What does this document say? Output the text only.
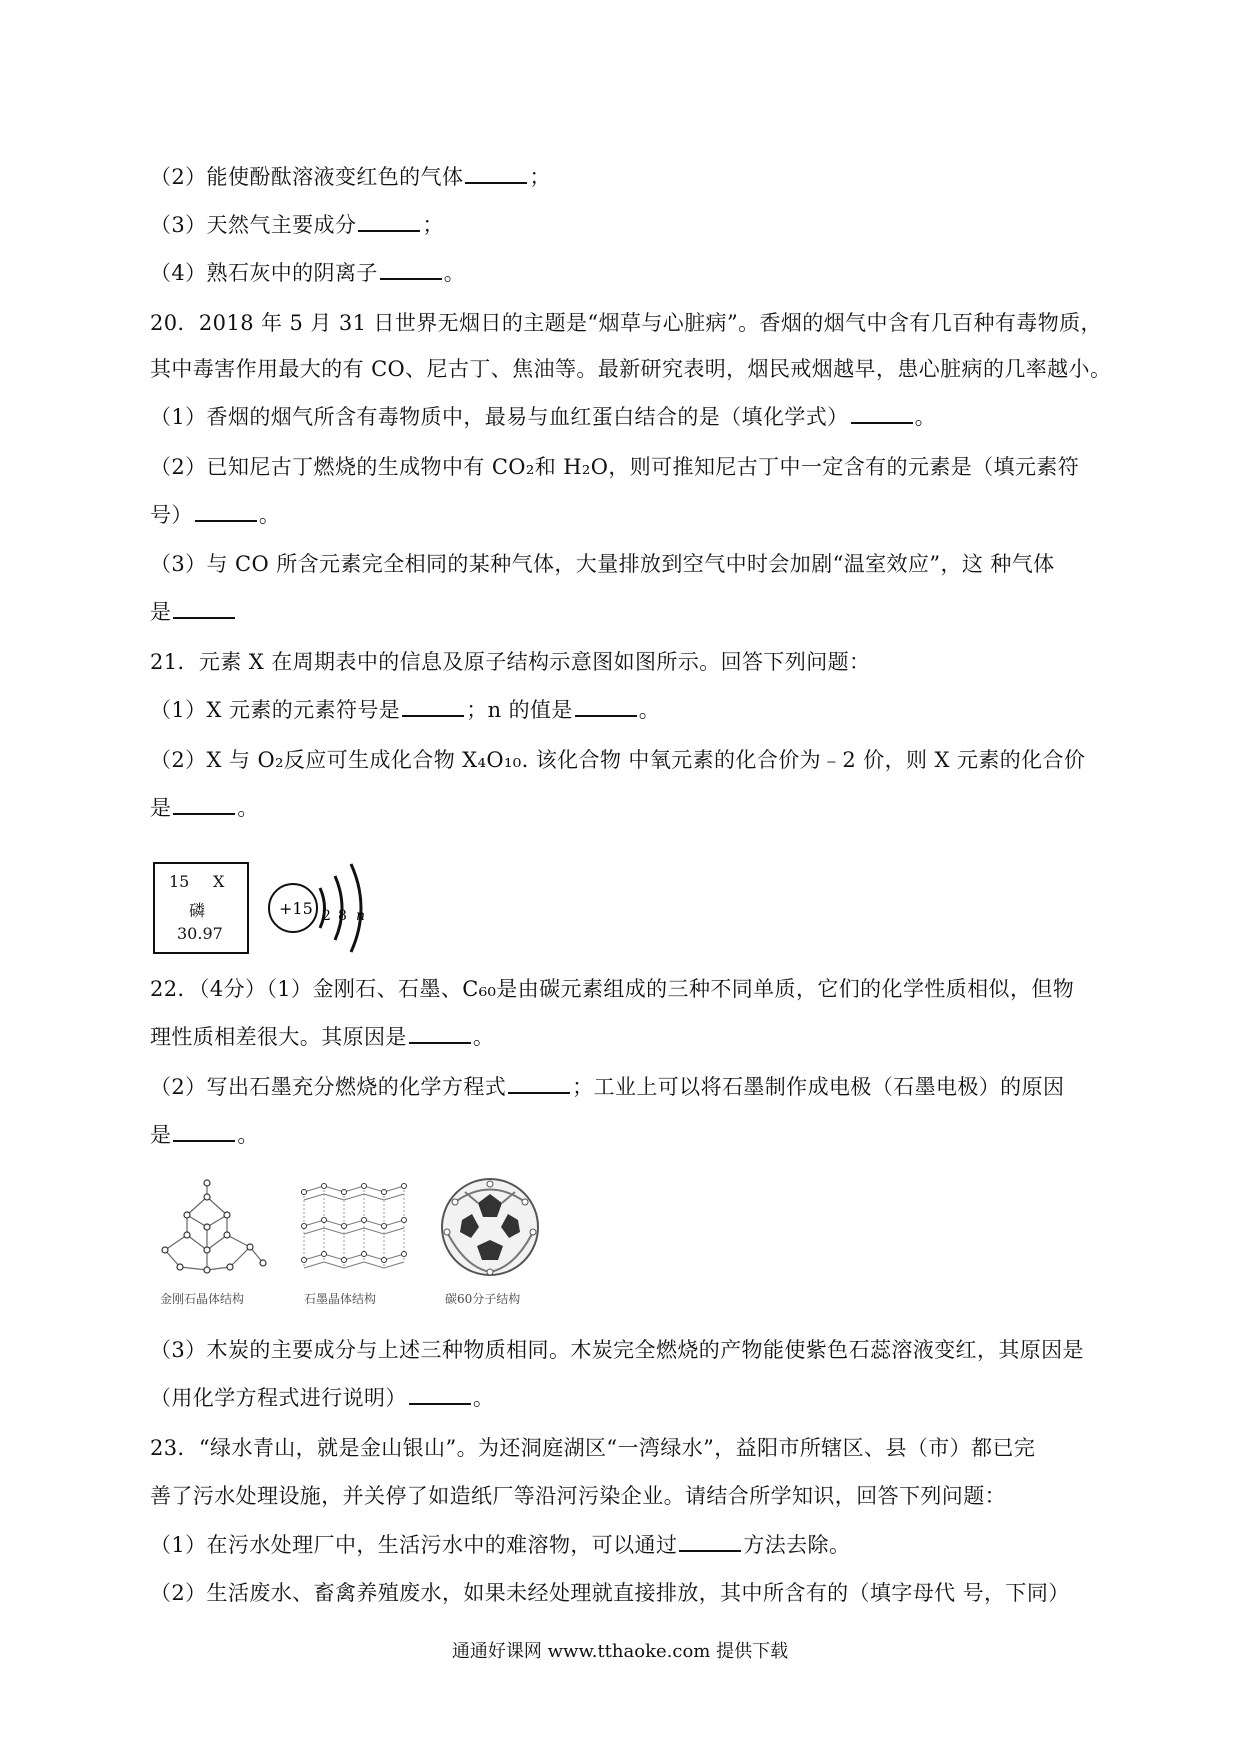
（2）能使酚酞溶液变红色的气体	；
（3）天然气主要成分	；
（4）熟石灰中的阴离子	。
20．2018 年 5 月 31 日世界无烟日的主题是“烟草与心脏病”。香烟的烟气中含有几百种有毒物质，
其中毒害作用最大的有 CO、尼古丁、焦油等。最新研究表明，烟民戒烟越早，患心脏病的几率越小。
（1）香烟的烟气所含有毒物质中，最易与血红蛋白结合的是（填化学式）	。
（2）已知尼古丁燃烧的生成物中有 CO₂和 H₂O，则可推知尼古丁中一定含有的元素是（填元素符
号）	。
（3）与 CO 所含元素完全相同的某种气体，大量排放到空气中时会加剧“温室效应”，这 种气体
是
21．元素 X 在周期表中的信息及原子结构示意图如图所示。回答下列问题：
（1）X 元素的元素符号是	；n 的值是	。
（2）X 与 O₂反应可生成化合物 X₄O₁₀. 该化合物 中氧元素的化合价为﹣2 价，则 X 元素的化合价
是	。
15 X
磷
30.97
+15 2 8 n
22．（4分）（1）金刚石、石墨、C₆₀是由碳元素组成的三种不同单质，它们的化学性质相似，但物
理性质相差很大。其原因是	。
（2）写出石墨充分燃烧的化学方程式	；工业上可以将石墨制作成电极（石墨电极）的原因
是	。
金刚石晶体结构	石墨晶体结构	碳60分子结构
（3）木炭的主要成分与上述三种物质相同。木炭完全燃烧的产物能使紫色石蕊溶液变红，其原因是
（用化学方程式进行说明）	。
23．“绿水青山，就是金山银山”。为还洞庭湖区“一湾绿水”，益阳市所辖区、县（市）都已完
善了污水处理设施，并关停了如造纸厂等沿河污染企业。请结合所学知识，回答下列问题：
（1）在污水处理厂中，生活污水中的难溶物，可以通过	方法去除。
（2）生活废水、畜禽养殖废水，如果未经处理就直接排放，其中所含有的（填字母代 号，下同）
通通好课网 www.tthaoke.com 提供下载
